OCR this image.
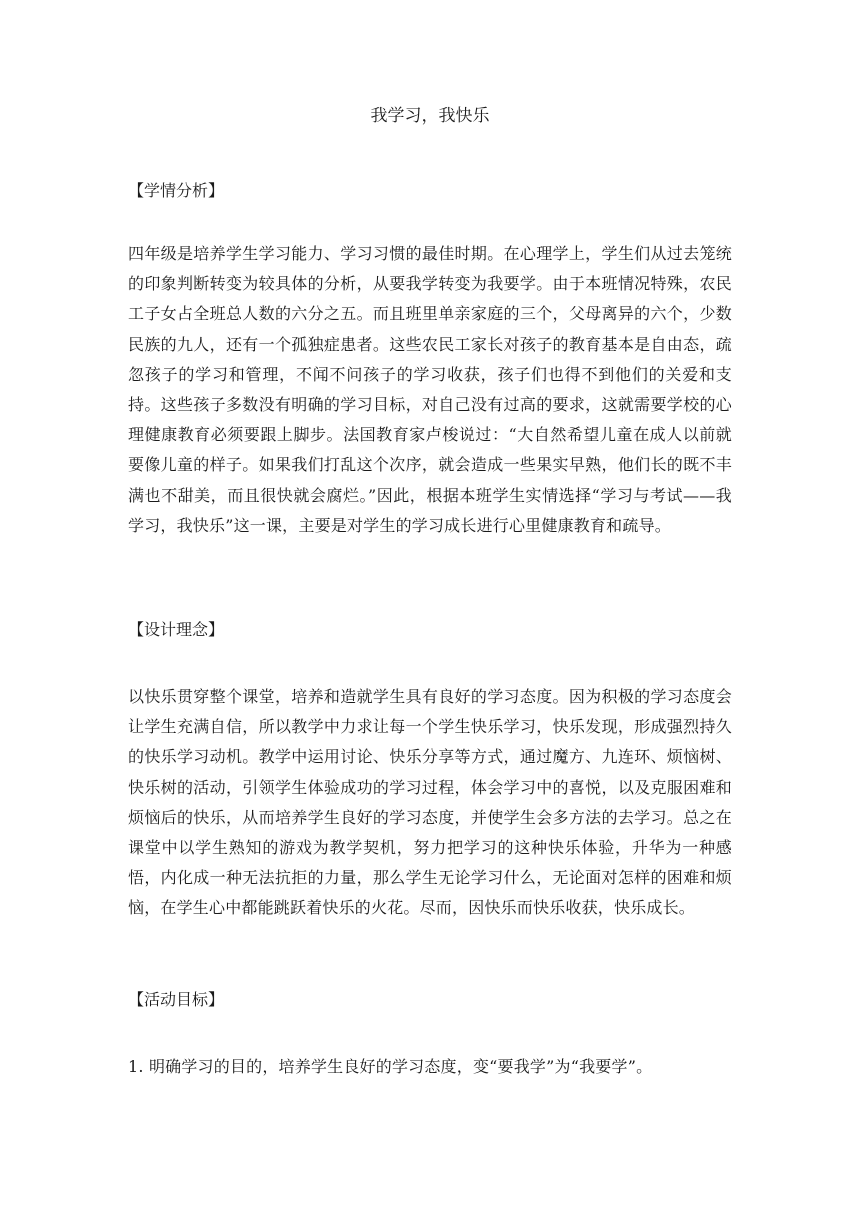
我学习，我快乐
【学情分析】
四年级是培养学生学习能力、学习习惯的最佳时期。在心理学上，学生们从过去笼统的印象判断转变为较具体的分析，从要我学转变为我要学。由于本班情况特殊，农民工子女占全班总人数的六分之五。而且班里单亲家庭的三个，父母离异的六个，少数民族的九人，还有一个孤独症患者。这些农民工家长对孩子的教育基本是自由态，疏忽孩子的学习和管理，不闻不问孩子的学习收获，孩子们也得不到他们的关爱和支持。这些孩子多数没有明确的学习目标，对自己没有过高的要求，这就需要学校的心理健康教育必须要跟上脚步。法国教育家卢梭说过：“大自然希望儿童在成人以前就要像儿童的样子。如果我们打乱这个次序，就会造成一些果实早熟，他们长的既不丰满也不甜美，而且很快就会腐烂。”因此，根据本班学生实情选择“学习与考试——我学习，我快乐”这一课，主要是对学生的学习成长进行心里健康教育和疏导。
【设计理念】
以快乐贯穿整个课堂，培养和造就学生具有良好的学习态度。因为积极的学习态度会让学生充满自信，所以教学中力求让每一个学生快乐学习，快乐发现，形成强烈持久的快乐学习动机。教学中运用讨论、快乐分享等方式，通过魔方、九连环、烦恼树、快乐树的活动，引领学生体验成功的学习过程，体会学习中的喜悦，以及克服困难和烦恼后的快乐，从而培养学生良好的学习态度，并使学生会多方法的去学习。总之在课堂中以学生熟知的游戏为教学契机，努力把学习的这种快乐体验，升华为一种感悟，内化成一种无法抗拒的力量，那么学生无论学习什么，无论面对怎样的困难和烦恼，在学生心中都能跳跃着快乐的火花。尽而，因快乐而快乐收获，快乐成长。
【活动目标】
1. 明确学习的目的，培养学生良好的学习态度，变“要我学”为“我要学”。
